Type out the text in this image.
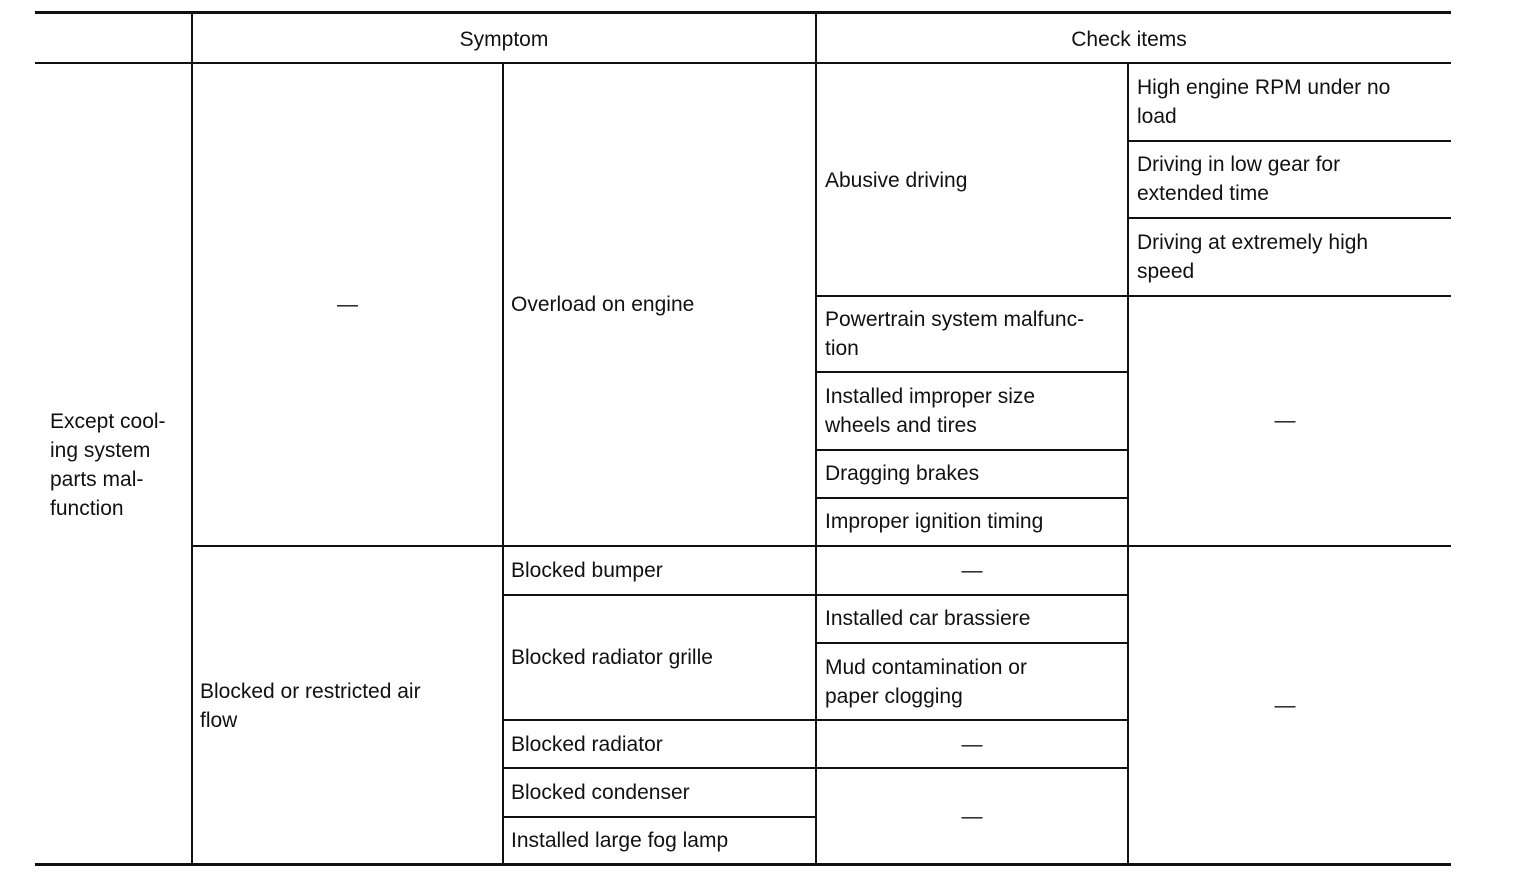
Symptom	Check items
Except cool-
ing system
parts mal-
function
—	Overload on engine
Abusive driving
High engine RPM under no
load
Driving in low gear for
extended time
Driving at extremely high
speed
Powertrain system malfunc-
tion
Installed improper size
wheels and tires
Dragging brakes
Improper ignition timing
—
Blocked or restricted air
flow
Blocked bumper
Blocked radiator grille
Blocked radiator
Blocked condenser
Installed large fog lamp
—
Installed car brassiere
Mud contamination or
paper clogging
—
—
—
